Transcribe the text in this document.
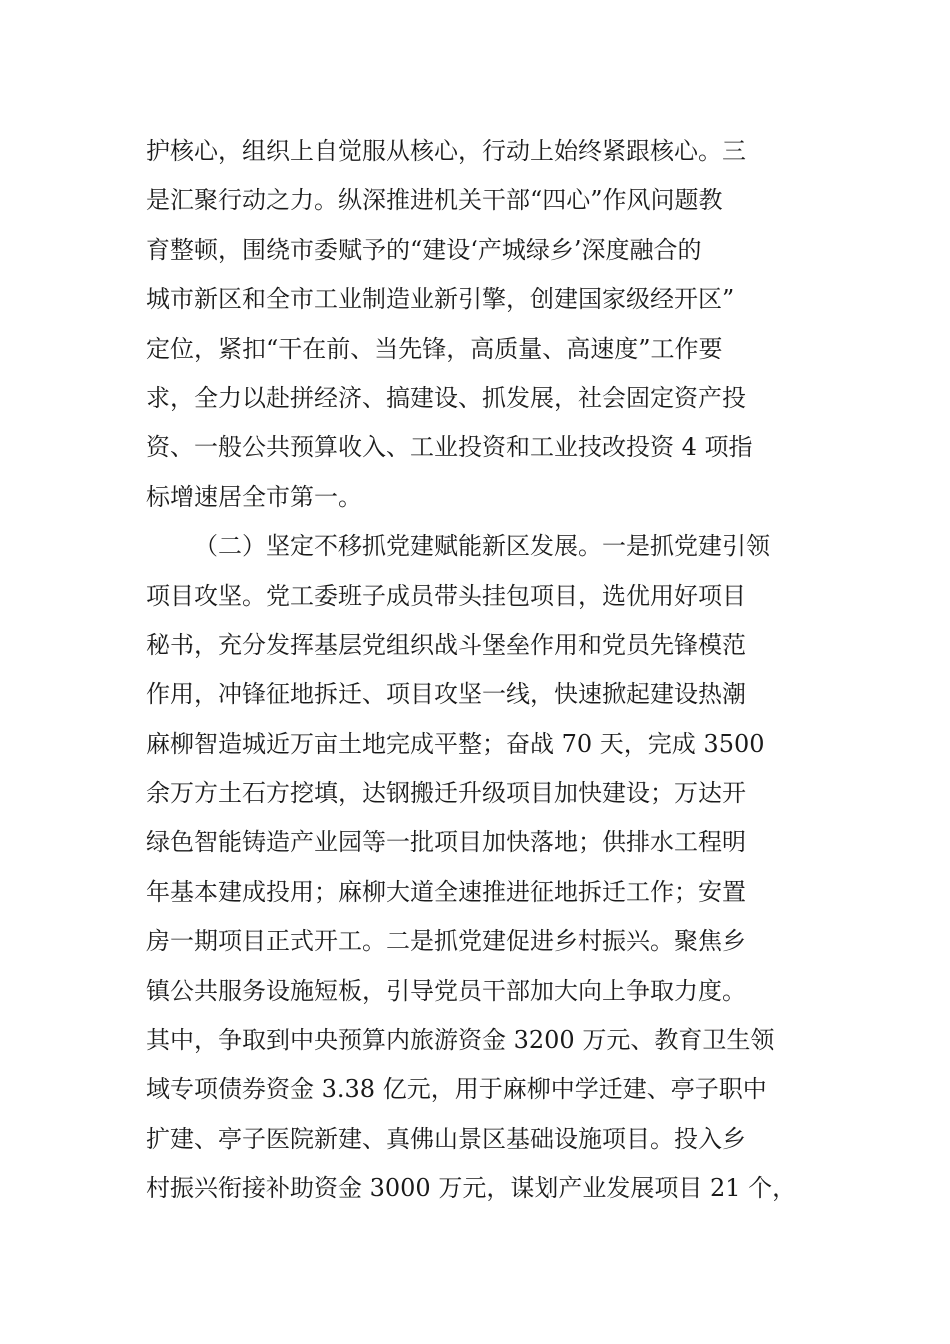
护核心，组织上自觉服从核心，行动上始终紧跟核心。三
是汇聚行动之力。纵深推进机关干部“四心”作风问题教
育整顿，围绕市委赋予的“建设‘产城绿乡’深度融合的
城市新区和全市工业制造业新引擎，创建国家级经开区”
定位，紧扣“干在前、当先锋，高质量、高速度”工作要
求，全力以赴拼经济、搞建设、抓发展，社会固定资产投
资、一般公共预算收入、工业投资和工业技改投资 4 项指
标增速居全市第一。
（二）坚定不移抓党建赋能新区发展。一是抓党建引领
项目攻坚。党工委班子成员带头挂包项目，选优用好项目
秘书，充分发挥基层党组织战斗堡垒作用和党员先锋模范
作用，冲锋征地拆迁、项目攻坚一线，快速掀起建设热潮
麻柳智造城近万亩土地完成平整；奋战 70 天，完成 3500
余万方土石方挖填，达钢搬迁升级项目加快建设；万达开
绿色智能铸造产业园等一批项目加快落地；供排水工程明
年基本建成投用；麻柳大道全速推进征地拆迁工作；安置
房一期项目正式开工。二是抓党建促进乡村振兴。聚焦乡
镇公共服务设施短板，引导党员干部加大向上争取力度。
其中，争取到中央预算内旅游资金 3200 万元、教育卫生领
域专项债券资金 3.38 亿元，用于麻柳中学迁建、亭子职中
扩建、亭子医院新建、真佛山景区基础设施项目。投入乡
村振兴衔接补助资金 3000 万元，谋划产业发展项目 21 个，
